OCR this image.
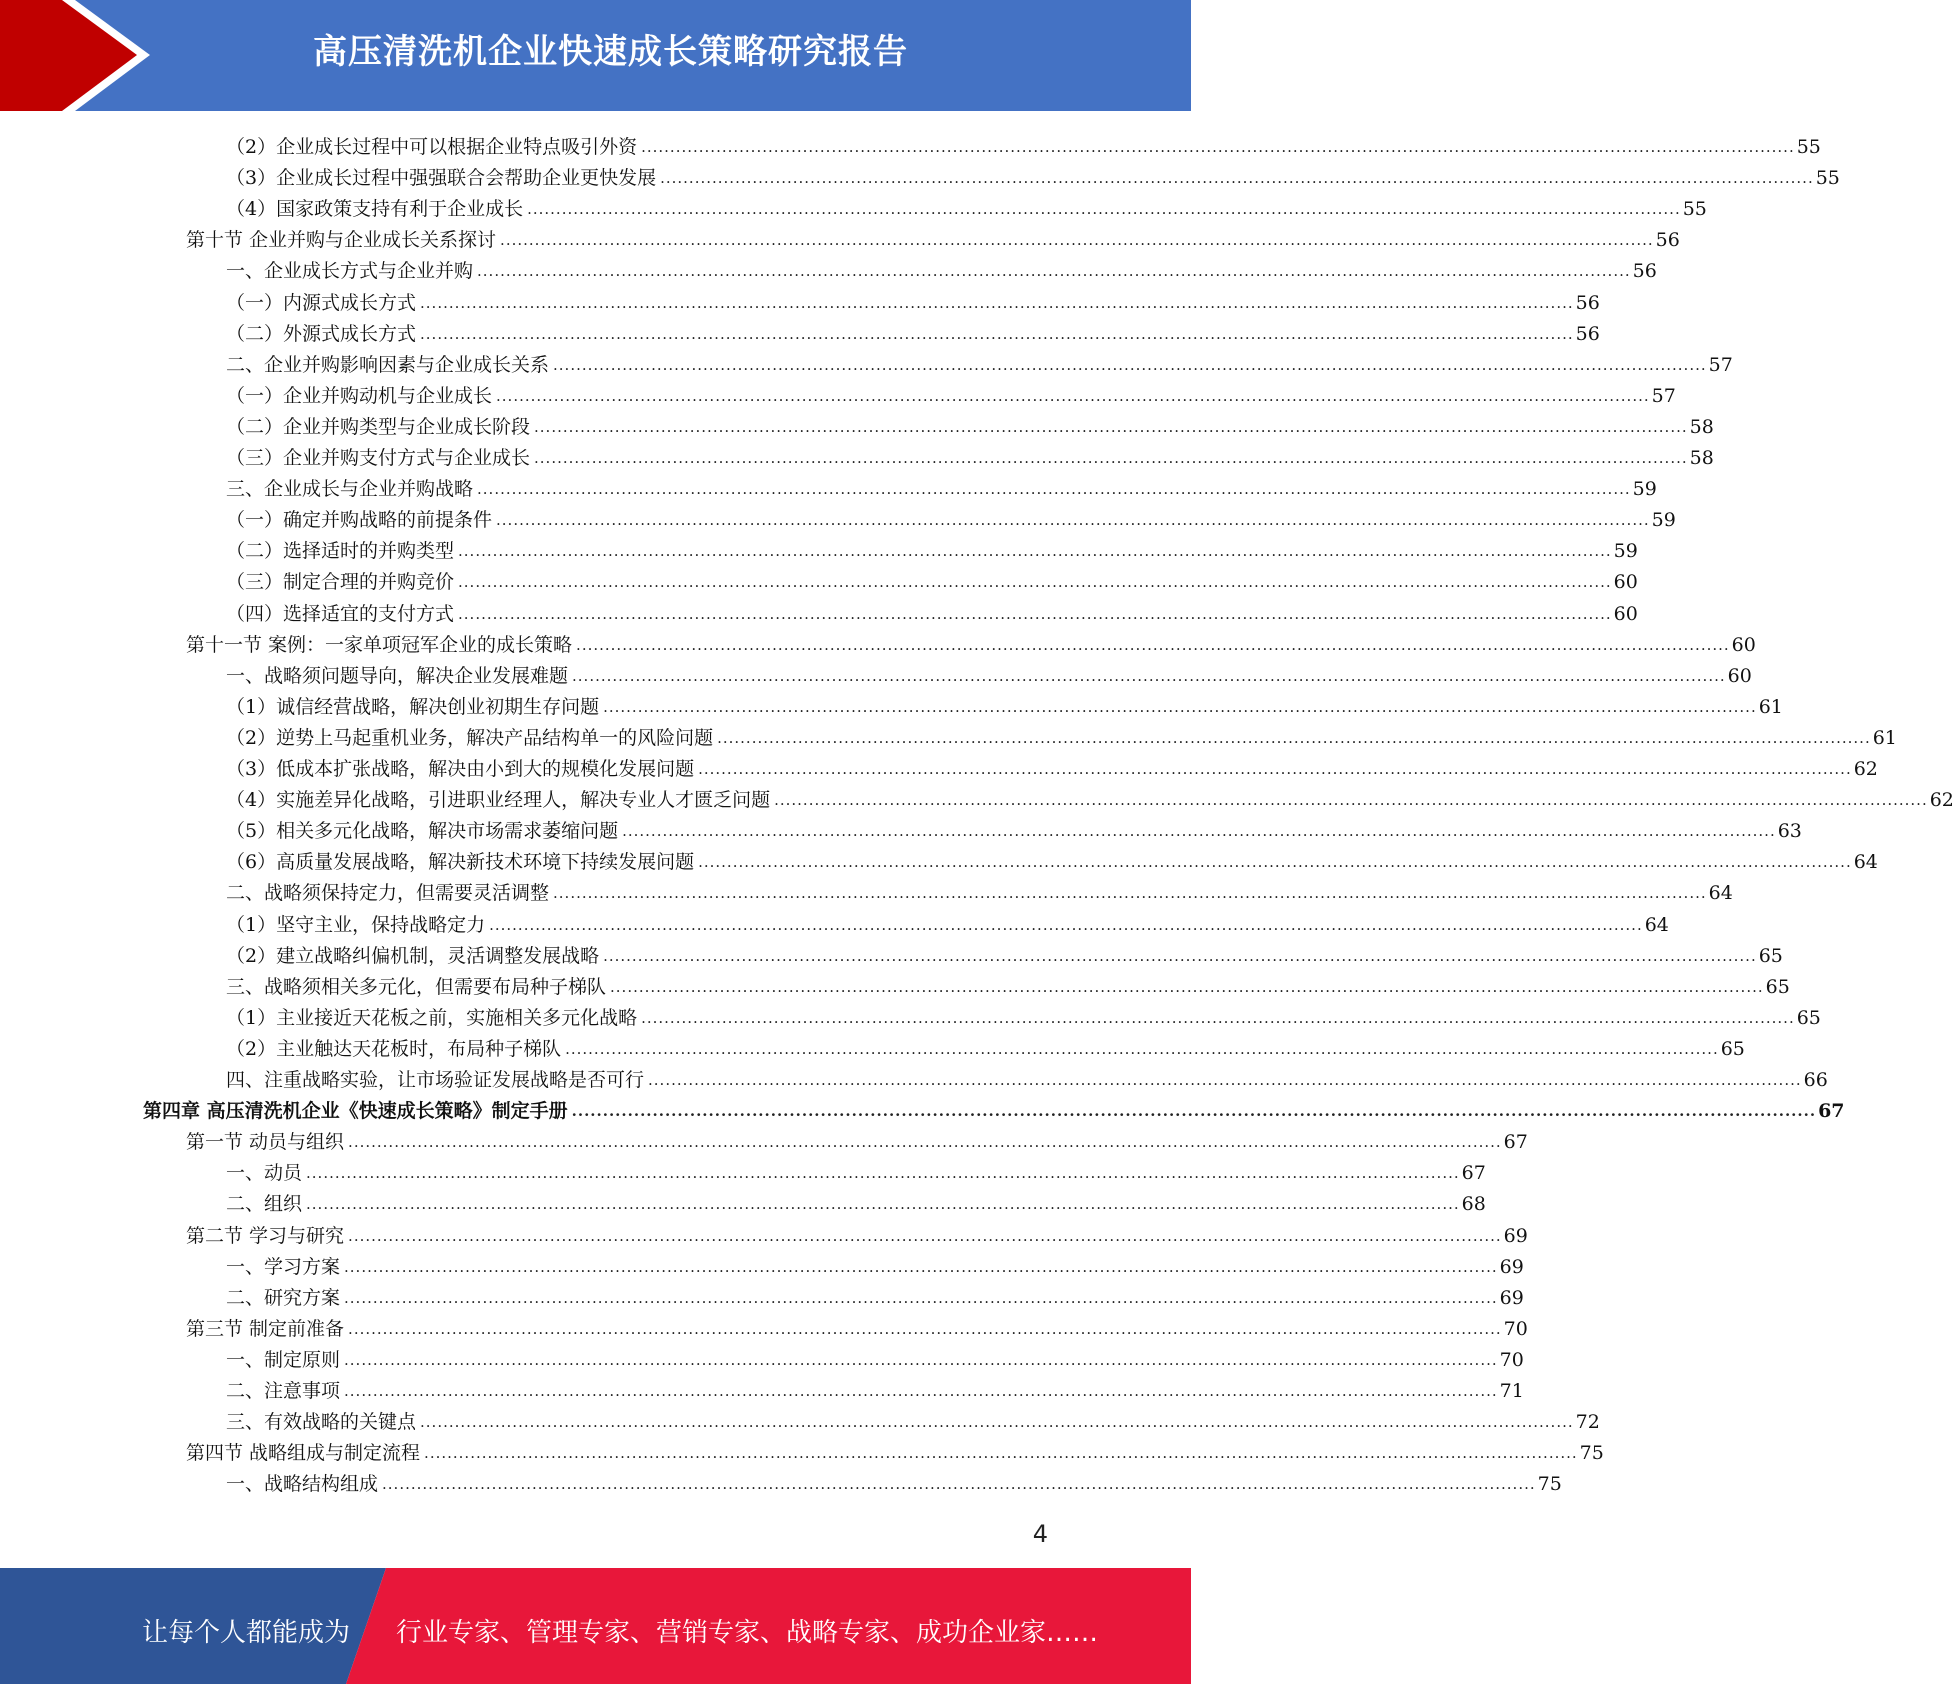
高压清洗机企业快速成长策略研究报告
（2）企业成长过程中可以根据企业特点吸引外资 ........................................................................................................................................................................................................ 55
（3）企业成长过程中强强联合会帮助企业更快发展 ........................................................................................................................................................................................................ 55
（4）国家政策支持有利于企业成长 ........................................................................................................................................................................................................ 55
第十节 企业并购与企业成长关系探讨 ........................................................................................................................................................................................................ 56
一、企业成长方式与企业并购 ........................................................................................................................................................................................................ 56
（一）内源式成长方式 ........................................................................................................................................................................................................ 56
（二）外源式成长方式 ........................................................................................................................................................................................................ 56
二、企业并购影响因素与企业成长关系 ........................................................................................................................................................................................................ 57
（一）企业并购动机与企业成长 ........................................................................................................................................................................................................ 57
（二）企业并购类型与企业成长阶段 ........................................................................................................................................................................................................ 58
（三）企业并购支付方式与企业成长 ........................................................................................................................................................................................................ 58
三、企业成长与企业并购战略 ........................................................................................................................................................................................................ 59
（一）确定并购战略的前提条件 ........................................................................................................................................................................................................ 59
（二）选择适时的并购类型 ........................................................................................................................................................................................................ 59
（三）制定合理的并购竞价 ........................................................................................................................................................................................................ 60
（四）选择适宜的支付方式 ........................................................................................................................................................................................................ 60
第十一节 案例：一家单项冠军企业的成长策略 ........................................................................................................................................................................................................ 60
一、战略须问题导向，解决企业发展难题 ........................................................................................................................................................................................................ 60
（1）诚信经营战略，解决创业初期生存问题 ........................................................................................................................................................................................................ 61
（2）逆势上马起重机业务，解决产品结构单一的风险问题 ........................................................................................................................................................................................................ 61
（3）低成本扩张战略，解决由小到大的规模化发展问题 ........................................................................................................................................................................................................ 62
（4）实施差异化战略，引进职业经理人，解决专业人才匮乏问题 ........................................................................................................................................................................................................ 62
（5）相关多元化战略，解决市场需求萎缩问题 ........................................................................................................................................................................................................ 63
（6）高质量发展战略，解决新技术环境下持续发展问题 ........................................................................................................................................................................................................ 64
二、战略须保持定力，但需要灵活调整 ........................................................................................................................................................................................................ 64
（1）坚守主业，保持战略定力 ........................................................................................................................................................................................................ 64
（2）建立战略纠偏机制，灵活调整发展战略 ........................................................................................................................................................................................................ 65
三、战略须相关多元化，但需要布局种子梯队 ........................................................................................................................................................................................................ 65
（1）主业接近天花板之前，实施相关多元化战略 ........................................................................................................................................................................................................ 65
（2）主业触达天花板时，布局种子梯队 ........................................................................................................................................................................................................ 65
四、注重战略实验，让市场验证发展战略是否可行 ........................................................................................................................................................................................................ 66
第四章 高压清洗机企业《快速成长策略》制定手册 ........................................................................................................................................................................................................ 67
第一节 动员与组织 ........................................................................................................................................................................................................ 67
一、动员 ........................................................................................................................................................................................................ 67
二、组织 ........................................................................................................................................................................................................ 68
第二节 学习与研究 ........................................................................................................................................................................................................ 69
一、学习方案 ........................................................................................................................................................................................................ 69
二、研究方案 ........................................................................................................................................................................................................ 69
第三节 制定前准备 ........................................................................................................................................................................................................ 70
一、制定原则 ........................................................................................................................................................................................................ 70
二、注意事项 ........................................................................................................................................................................................................ 71
三、有效战略的关键点 ........................................................................................................................................................................................................ 72
第四节 战略组成与制定流程 ........................................................................................................................................................................................................ 75
一、战略结构组成 ........................................................................................................................................................................................................ 75
4
让每个人都能成为 行业专家、管理专家、营销专家、战略专家、成功企业家……
